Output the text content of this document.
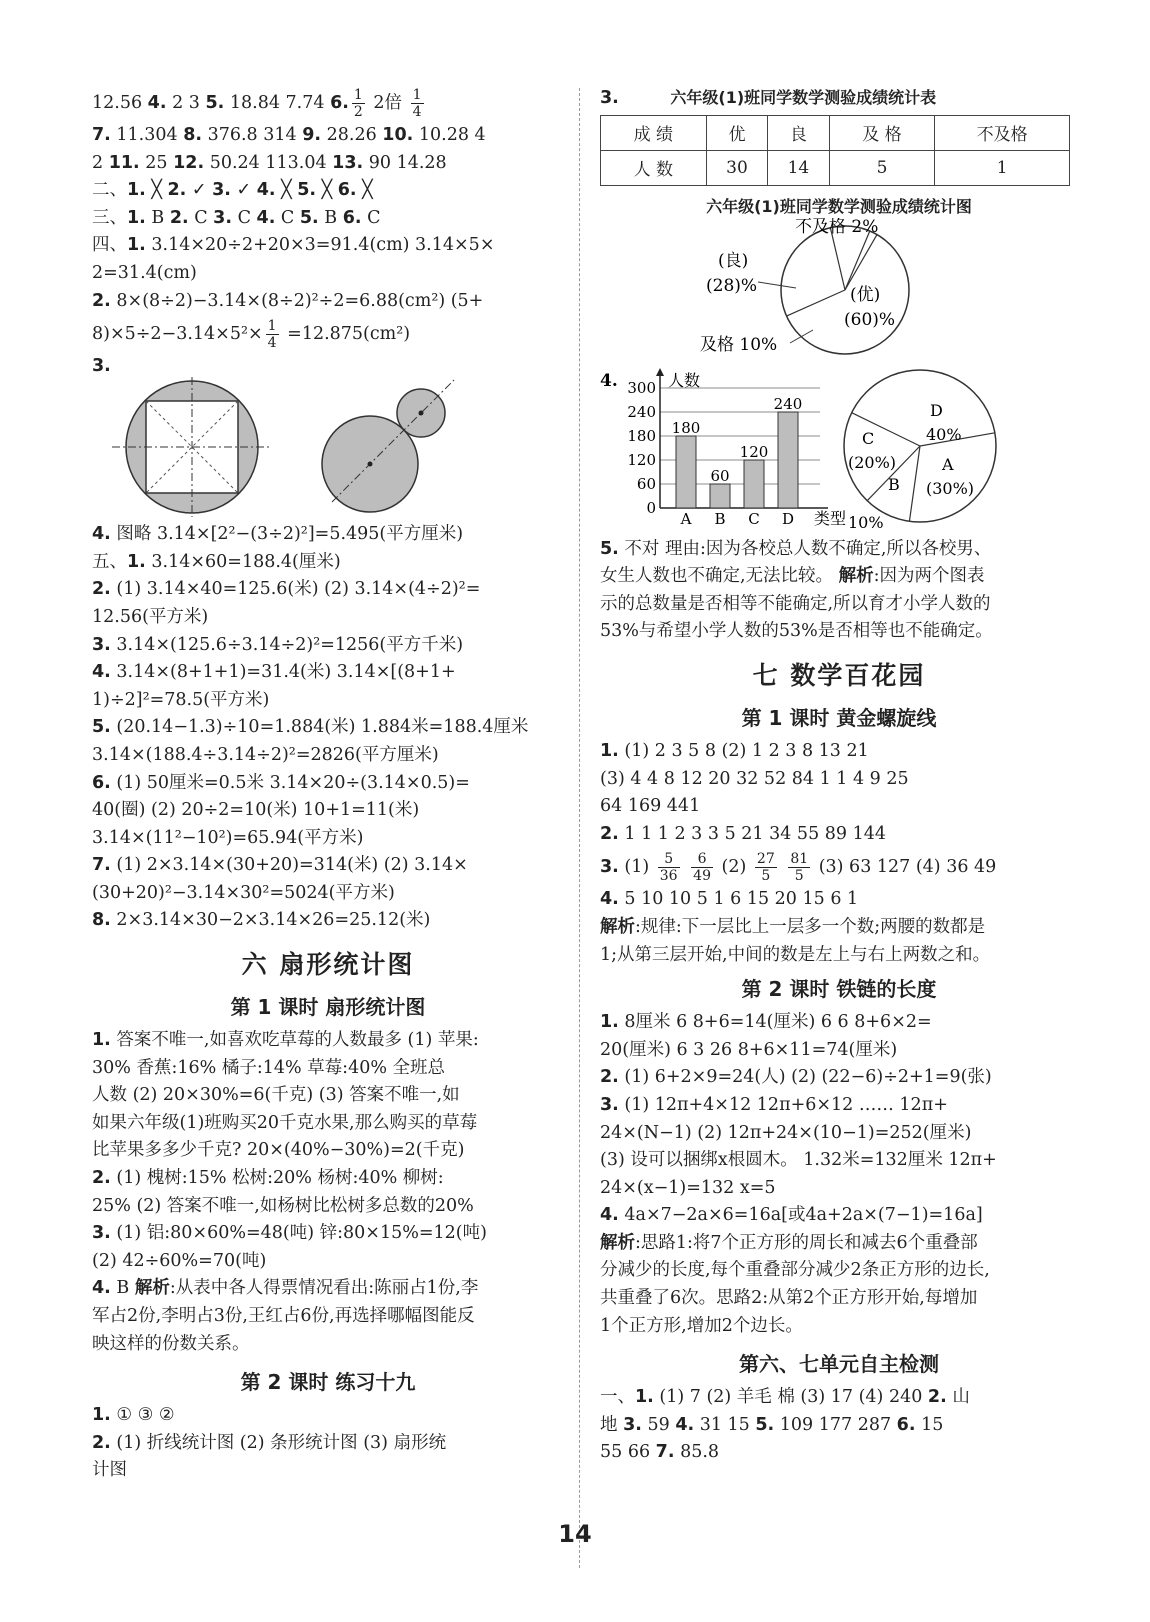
12.56 4. 2 3 5. 18.84 7.74 6. $\frac{1}{2} 2$倍 $\frac{1}{4}$
7. 11.304 8. 376.8 314 9. 28.26 10. 10.28 4
2 11. 25 12. 50.24 113.04 13. 90 14.28
二、1. ╳ 2. ✓ 3. ✓ 4. ╳ 5. ╳ 6. ╳
三、1. B 2. C 3. C 4. C 5. B 6. C
四、1. 3.14×20÷2+20×3=91.4(cm) 3.14×5×
2=31.4(cm)
2. 8×(8÷2)−3.14×(8÷2)²÷2=6.88(cm²) (5+
$8)\times 5\div 2-3.14\times 5^2\times \frac{1}{4} =12.875(cm^2)$
3.
4. 图略 3.14×[2²−(3÷2)²]=5.495(平方厘米)
五、1. 3.14×60=188.4(厘米)
2. (1) 3.14×40=125.6(米) (2) 3.14×(4÷2)²=
12.56(平方米)
3. 3.14×(125.6÷3.14÷2)²=1256(平方千米)
4. 3.14×(8+1+1)=31.4(米) 3.14×[(8+1+
1)÷2]²=78.5(平方米)
5. (20.14−1.3)÷10=1.884(米) 1.884米=188.4厘米
3.14×(188.4÷3.14÷2)²=2826(平方厘米)
6. (1) 50厘米=0.5米 3.14×20÷(3.14×0.5)=
40(圈) (2) 20÷2=10(米) 10+1=11(米)
3.14×(11²−10²)=65.94(平方米)
7. (1) 2×3.14×(30+20)=314(米) (2) 3.14×
(30+20)²−3.14×30²=5024(平方米)
8. 2×3.14×30−2×3.14×26=25.12(米)
六 扇形统计图
第 1 课时 扇形统计图
1. 答案不唯一,如喜欢吃草莓的人数最多 (1) 苹果:
30% 香蕉:16% 橘子:14% 草莓:40% 全班总
人数 (2) 20×30%=6(千克) (3) 答案不唯一,如
如果六年级(1)班购买20千克水果,那么购买的草莓
比苹果多多少千克? 20×(40%−30%)=2(千克)
2. (1) 槐树:15% 松树:20% 杨树:40% 柳树:
25% (2) 答案不唯一,如杨树比松树多总数的20%
3. (1) 铝:80×60%=48(吨) 锌:80×15%=12(吨)
(2) 42÷60%=70(吨)
4. B 解析:从表中各人得票情况看出:陈丽占1份,李
军占2份,李明占3份,王红占6份,再选择哪幅图能反
映这样的份数关系。
第 2 课时 练习十九
1. ① ③ ②
2. (1) 折线统计图 (2) 条形统计图 (3) 扇形统
计图
3.	六年级(1)班同学数学测验成绩统计表
成 绩	优	良	及 格	不及格
人 数	30	14	5	1
六年级(1)班同学数学测验成绩统计图
不及格 2%
(良)
(28)%	(优)
(60)%
及格 10%

4.
0
60
120
180
240
300 人数
类型
180
A
60
B
120
C
240
D
D
40%
C
(20%)	A
(30%)
B
10%
5. 不对 理由:因为各校总人数不确定,所以各校男、
女生人数也不确定,无法比较。 解析:因为两个图表
示的总数量是否相等不能确定,所以育才小学人数的
53%与希望小学人数的53%是否相等也不能确定。
七 数学百花园
第 1 课时 黄金螺旋线
1. (1) 2 3 5 8 (2) 1 2 3 8 13 21
(3) 4 4 8 12 20 32 52 84 1 1 4 9 25
64 169 441
2. 1 1 1 2 3 3 5 21 34 55 89 144
3. $(1) \frac{5}{36}$
$\frac{6}{49} (2) \frac{27}{5}$
$\frac{81}{5} (3)$ 63 127 (4) 36 49
4. 5 10 10 5 1 6 15 20 15 6 1
解析:规律:下一层比上一层多一个数;两腰的数都是
1;从第三层开始,中间的数是左上与右上两数之和。
第 2 课时 铁链的长度
1. 8厘米 6 8+6=14(厘米) 6 6 8+6×2=
20(厘米) 6 3 26 8+6×11=74(厘米)
2. (1) 6+2×9=24(人) (2) (22−6)÷2+1=9(张)
3. (1) 12π+4×12 12π+6×12 …… 12π+
24×(N−1) (2) 12π+24×(10−1)=252(厘米)
(3) 设可以捆绑x根圆木。 1.32米=132厘米 12π+
24×(x−1)=132 x=5
4. 4a×7−2a×6=16a[或4a+2a×(7−1)=16a]
解析:思路1:将7个正方形的周长和减去6个重叠部
分减少的长度,每个重叠部分减少2条正方形的边长,
共重叠了6次。思路2:从第2个正方形开始,每增加
1个正方形,增加2个边长。
第六、七单元自主检测
一、1. (1) 7 (2) 羊毛 棉 (3) 17 (4) 240 2. 山
地 3. 59 4. 31 15 5. 109 177 287 6. 15
55 66 7. 85.8
14
